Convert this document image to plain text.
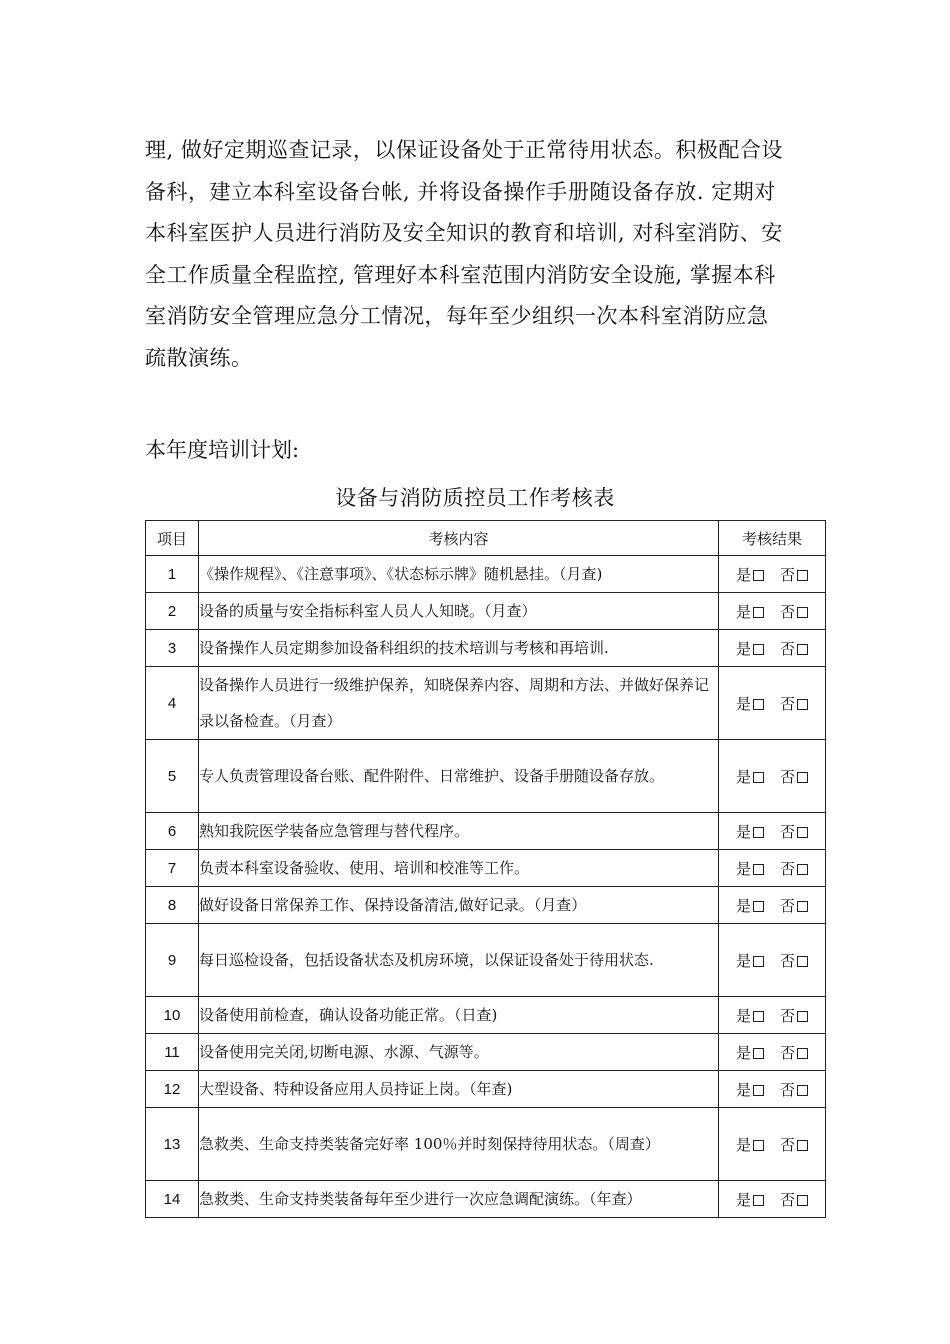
理, 做好定期巡查记录，以保证设备处于正常待用状态。积极配合设
备科，建立本科室设备台帐, 并将设备操作手册随设备存放. 定期对
本科室医护人员进行消防及安全知识的教育和培训, 对科室消防、安
全工作质量全程监控, 管理好本科室范围内消防安全设施, 掌握本科
室消防安全管理应急分工情况，每年至少组织一次本科室消防应急
疏散演练。
本年度培训计划:
设备与消防质控员工作考核表
项目	考核内容	考核结果
1	《操作规程》、《注意事项》、《状态标示牌》随机悬挂。（月查)	是 否
2	设备的质量与安全指标科室人员人人知晓。（月查）	是 否
3	设备操作人员定期参加设备科组织的技术培训与考核和再培训.	是 否
4	设备操作人员进行一级维护保养，知晓保养内容、周期和方法、并做好保养记录以备检查。（月查）	是 否
5	专人负责管理设备台账、配件附件、日常维护、设备手册随设备存放。	是 否
6	熟知我院医学装备应急管理与替代程序。	是 否
7	负责本科室设备验收、使用、培训和校准等工作。	是 否
8	做好设备日常保养工作、保持设备清洁,做好记录。（月查）	是 否
9	每日巡检设备，包括设备状态及机房环境，以保证设备处于待用状态.	是 否
10	设备使用前检查，确认设备功能正常。（日查)	是 否
11	设备使用完关闭,切断电源、水源、气源等。	是 否
12	大型设备、特种设备应用人员持证上岗。（年查)	是 否
13	急救类、生命支持类装备完好率 100％并时刻保持待用状态。（周查）	是 否
14	急救类、生命支持类装备每年至少进行一次应急调配演练。（年查）	是 否
